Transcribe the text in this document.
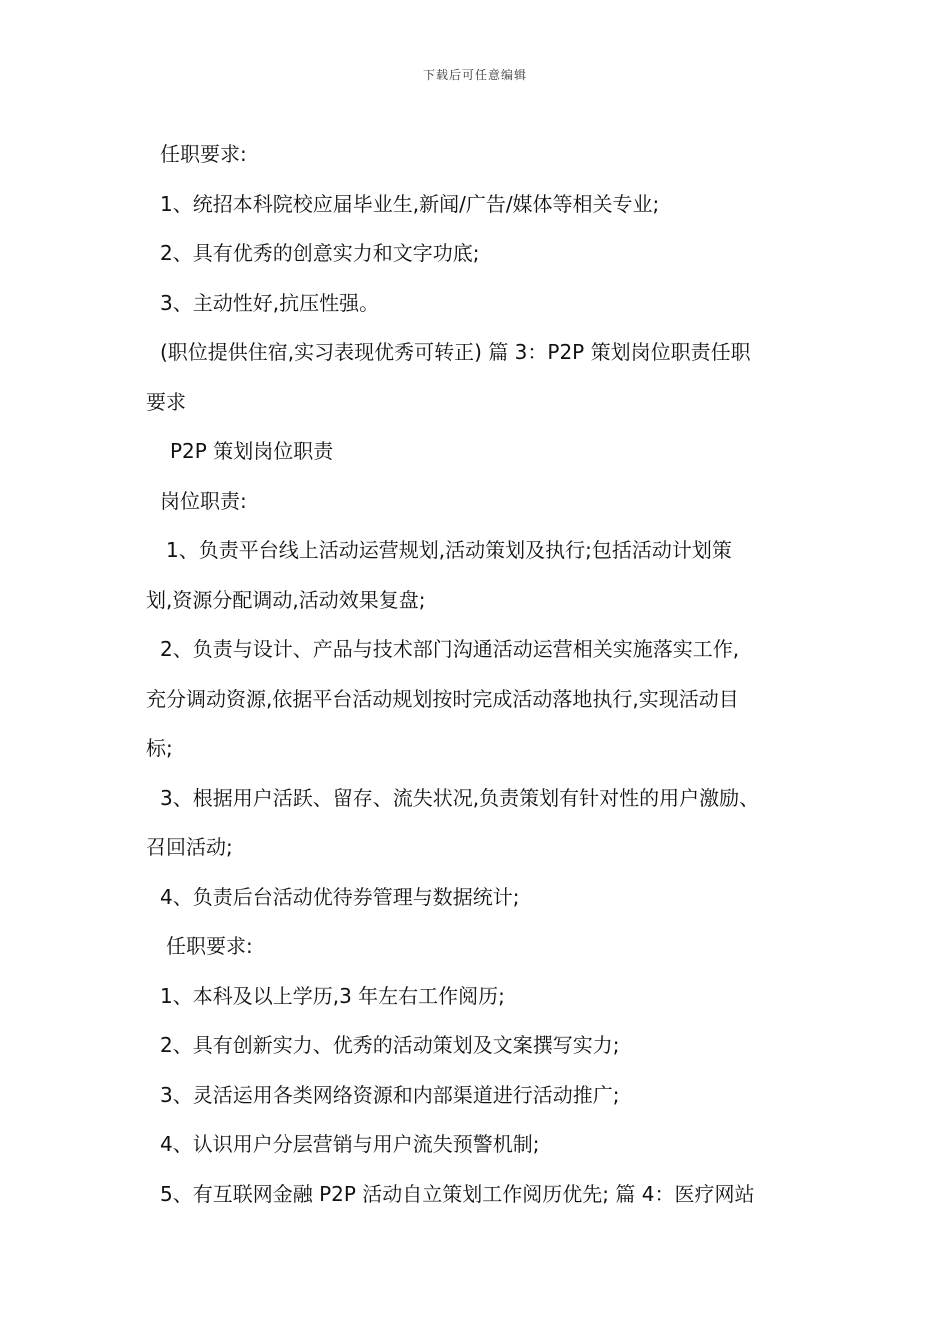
下载后可任意编辑
任职要求:
1、统招本科院校应届毕业生,新闻/广告/媒体等相关专业;
2、具有优秀的创意实力和文字功底;
3、主动性好,抗压性强。
(职位提供住宿,实习表现优秀可转正) 篇 3：P2P 策划岗位职责任职
要求
P2P 策划岗位职责
岗位职责:
1、负责平台线上活动运营规划,活动策划及执行;包括活动计划策
划,资源分配调动,活动效果复盘;
2、负责与设计、产品与技术部门沟通活动运营相关实施落实工作,
充分调动资源,依据平台活动规划按时完成活动落地执行,实现活动目
标;
3、根据用户活跃、留存、流失状况,负责策划有针对性的用户激励、
召回活动;
4、负责后台活动优待券管理与数据统计;
任职要求:
1、本科及以上学历,3 年左右工作阅历;
2、具有创新实力、优秀的活动策划及文案撰写实力;
3、灵活运用各类网络资源和内部渠道进行活动推广;
4、认识用户分层营销与用户流失预警机制;
5、有互联网金融 P2P 活动自立策划工作阅历优先; 篇 4：医疗网站
